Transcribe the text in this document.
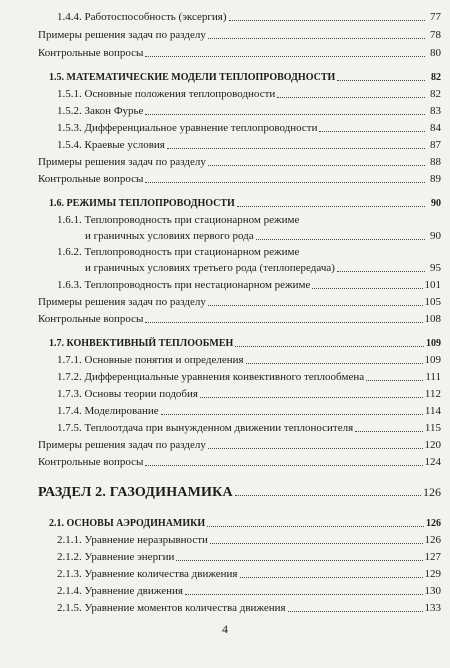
1.4.4. Работоспособность (эксергия)	77
Примеры решения задач по разделу	78
Контрольные вопросы	80
1.5. МАТЕМАТИЧЕСКИЕ МОДЕЛИ ТЕПЛОПРОВОДНОСТИ	82
1.5.1. Основные положения теплопроводности	82
1.5.2. Закон Фурье	83
1.5.3. Дифференциальное уравнение теплопроводности	84
1.5.4. Краевые условия	87
Примеры решения задач по разделу	88
Контрольные вопросы	89
1.6. РЕЖИМЫ ТЕПЛОПРОВОДНОСТИ	90
1.6.1. Теплопроводность при стационарном режиме
и граничных условиях первого рода	90
1.6.2. Теплопроводность при стационарном режиме
и граничных условиях третьего рода (теплопередача)	95
1.6.3. Теплопроводность при нестационарном режиме	101
Примеры решения задач по разделу	105
Контрольные вопросы	108
1.7. КОНВЕКТИВНЫЙ ТЕПЛООБМЕН	109
1.7.1. Основные понятия и определения	109
1.7.2. Дифференциальные уравнения конвективного теплообмена	111
1.7.3. Основы теории подобия	112
1.7.4. Моделирование	114
1.7.5. Теплоотдача при вынужденном движении теплоносителя	115
Примеры решения задач по разделу	120
Контрольные вопросы	124
РАЗДЕЛ 2. ГАЗОДИНАМИКА	126
2.1. ОСНОВЫ АЭРОДИНАМИКИ	126
2.1.1. Уравнение неразрывности	126
2.1.2. Уравнение энергии	127
2.1.3. Уравнение количества движения	129
2.1.4. Уравнение движения	130
2.1.5. Уравнение моментов количества движения	133
4
